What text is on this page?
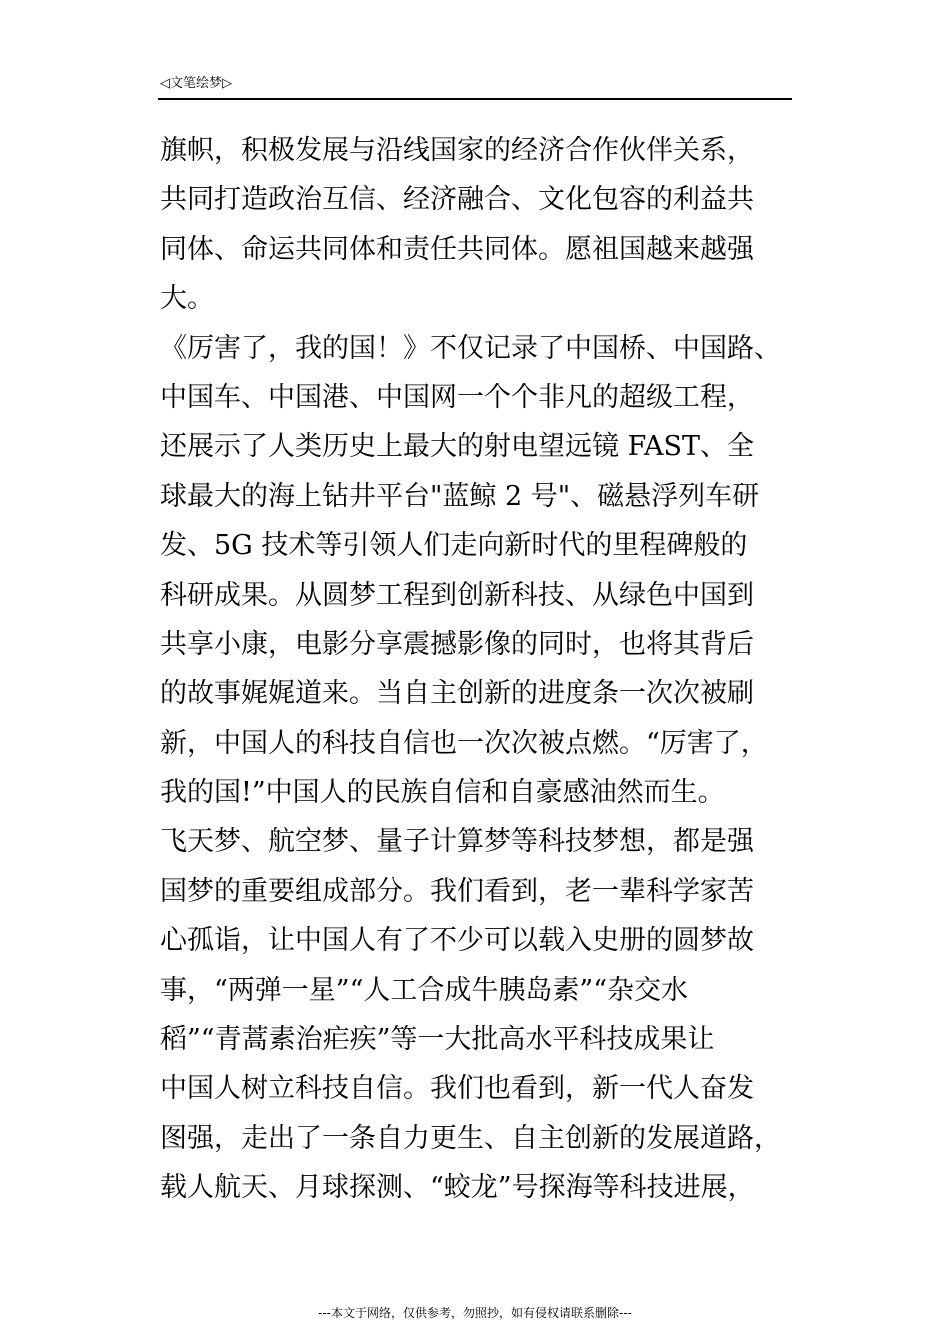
◁文笔绘梦▷
旗帜，积极发展与沿线国家的经济合作伙伴关系，
共同打造政治互信、经济融合、文化包容的利益共
同体、命运共同体和责任共同体。愿祖国越来越强
大。
《厉害了，我的国！》不仅记录了中国桥、中国路、
中国车、中国港、中国网一个个非凡的超级工程，
还展示了人类历史上最大的射电望远镜 FAST、全
球最大的海上钻井平台"蓝鲸 2 号"、磁悬浮列车研
发、5G 技术等引领人们走向新时代的里程碑般的
科研成果。从圆梦工程到创新科技、从绿色中国到
共享小康，电影分享震撼影像的同时，也将其背后
的故事娓娓道来。当自主创新的进度条一次次被刷
新，中国人的科技自信也一次次被点燃。“厉害了，
我的国!”中国人的民族自信和自豪感油然而生。
飞天梦、航空梦、量子计算梦等科技梦想，都是强
国梦的重要组成部分。我们看到，老一辈科学家苦
心孤诣，让中国人有了不少可以载入史册的圆梦故
事，“两弹一星”“人工合成牛胰岛素”“杂交水
稻”“青蒿素治疟疾”等一大批高水平科技成果让
中国人树立科技自信。我们也看到，新一代人奋发
图强，走出了一条自力更生、自主创新的发展道路，
载人航天、月球探测、“蛟龙”号探海等科技进展，
---本文于网络，仅供参考，勿照抄，如有侵权请联系删除---
